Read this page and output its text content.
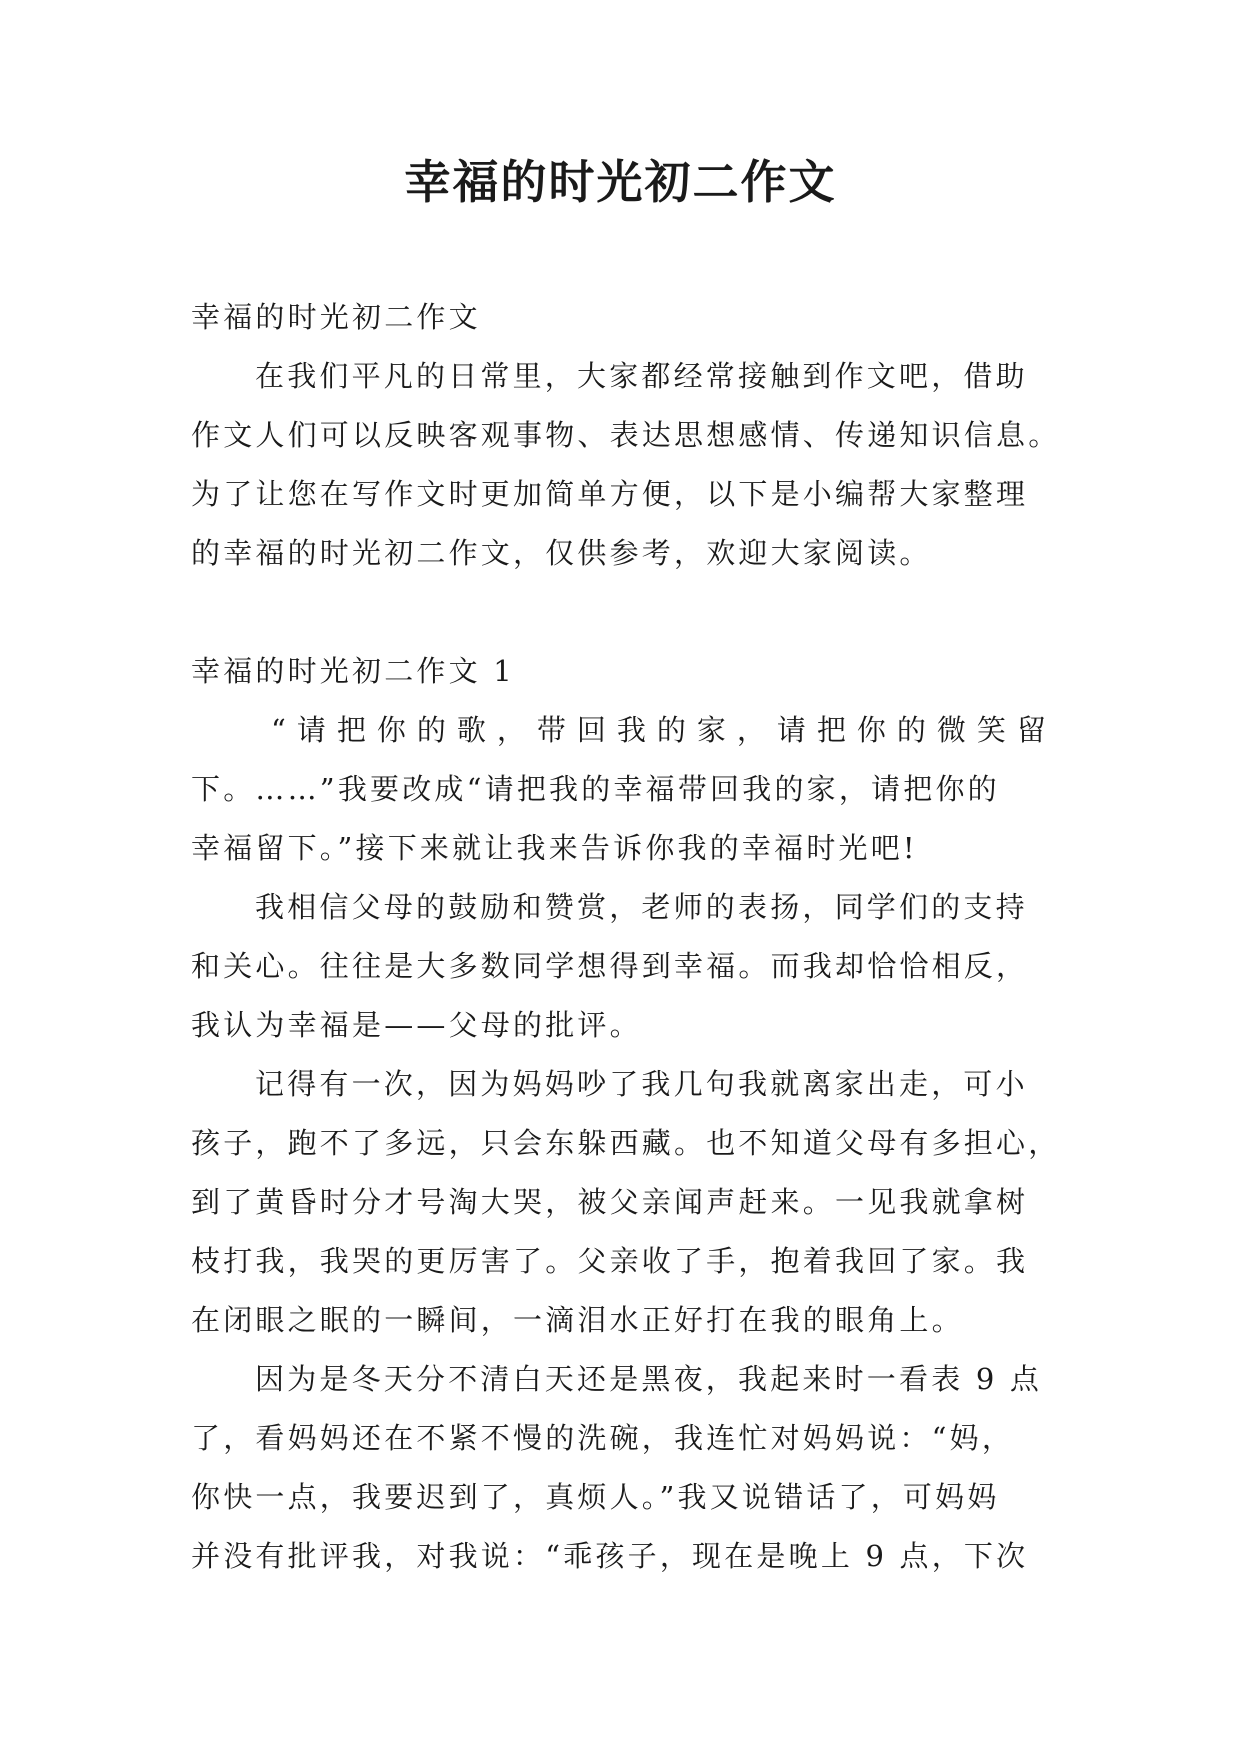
幸福的时光初二作文
幸福的时光初二作文
在我们平凡的日常里，大家都经常接触到作文吧，借助
作文人们可以反映客观事物、表达思想感情、传递知识信息。
为了让您在写作文时更加简单方便，以下是小编帮大家整理
的幸福的时光初二作文，仅供参考，欢迎大家阅读。
幸福的时光初二作文 1
“请把你的歌，带回我的家，请把你的微笑留
下。……”我要改成“请把我的幸福带回我的家，请把你的
幸福留下。”接下来就让我来告诉你我的幸福时光吧!
我相信父母的鼓励和赞赏，老师的表扬，同学们的支持
和关心。往往是大多数同学想得到幸福。而我却恰恰相反，
我认为幸福是——父母的批评。
记得有一次，因为妈妈吵了我几句我就离家出走，可小
孩子，跑不了多远，只会东躲西藏。也不知道父母有多担心，
到了黄昏时分才号淘大哭，被父亲闻声赶来。一见我就拿树
枝打我，我哭的更厉害了。父亲收了手，抱着我回了家。我
在闭眼之眠的一瞬间，一滴泪水正好打在我的眼角上。
因为是冬天分不清白天还是黑夜，我起来时一看表 9 点
了，看妈妈还在不紧不慢的洗碗，我连忙对妈妈说：“妈，
你快一点，我要迟到了，真烦人。”我又说错话了，可妈妈
并没有批评我，对我说：“乖孩子，现在是晚上 9 点，下次
